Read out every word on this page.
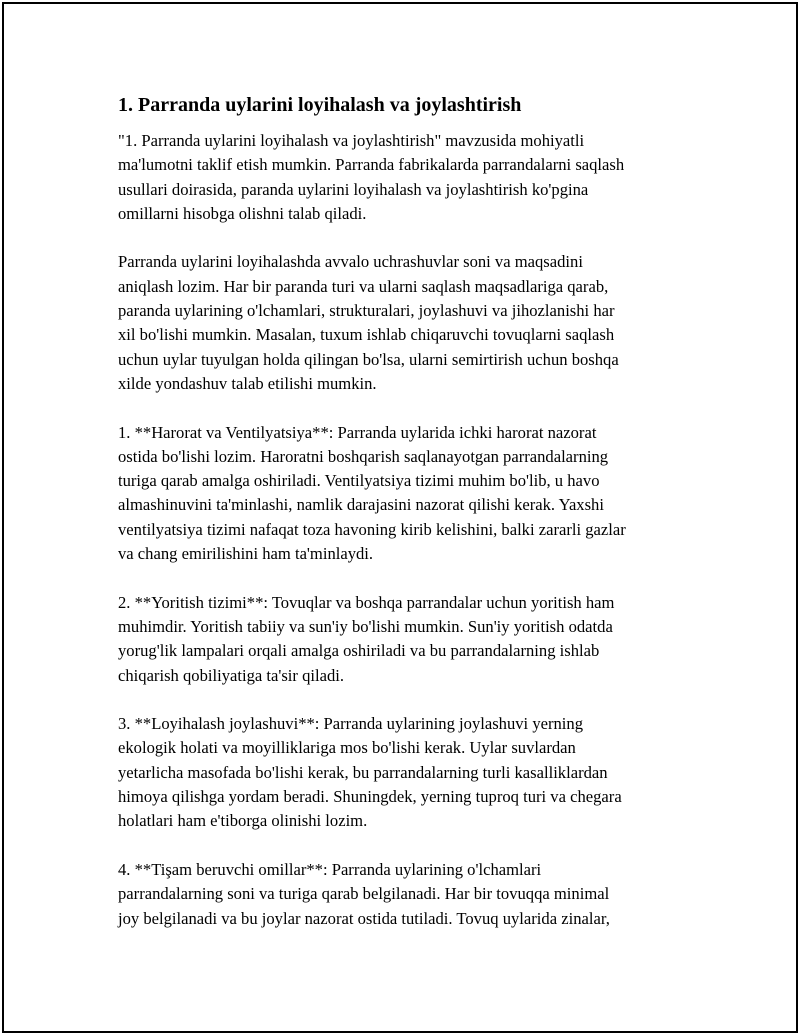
1. Parranda uylarini loyihalash va joylashtirish
"1. Parranda uylarini loyihalash va joylashtirish" mavzusida mohiyatli
ma'lumotni taklif etish mumkin. Parranda fabrikalarda parrandalarni saqlash
usullari doirasida, paranda uylarini loyihalash va joylashtirish ko'pgina
omillarni hisobga olishni talab qiladi.
Parranda uylarini loyihalashda avvalo uchrashuvlar soni va maqsadini
aniqlash lozim. Har bir paranda turi va ularni saqlash maqsadlariga qarab,
paranda uylarining o'lchamlari, strukturalari, joylashuvi va jihozlanishi har
xil bo'lishi mumkin. Masalan, tuxum ishlab chiqaruvchi tovuqlarni saqlash
uchun uylar tuyulgan holda qilingan bo'lsa, ularni semirtirish uchun boshqa
xilde yondashuv talab etilishi mumkin.
1. **Harorat va Ventilyatsiya**: Parranda uylarida ichki harorat nazorat
ostida bo'lishi lozim. Haroratni boshqarish saqlanayotgan parrandalarning
turiga qarab amalga oshiriladi. Ventilyatsiya tizimi muhim bo'lib, u havo
almashinuvini ta'minlashi, namlik darajasini nazorat qilishi kerak. Yaxshi
ventilyatsiya tizimi nafaqat toza havoning kirib kelishini, balki zararli gazlar
va chang emirilishini ham ta'minlaydi.
2. **Yoritish tizimi**: Tovuqlar va boshqa parrandalar uchun yoritish ham
muhimdir. Yoritish tabiiy va sun'iy bo'lishi mumkin. Sun'iy yoritish odatda
yorug'lik lampalari orqali amalga oshiriladi va bu parrandalarning ishlab
chiqarish qobiliyatiga ta'sir qiladi.
3. **Loyihalash joylashuvi**: Parranda uylarining joylashuvi yerning
ekologik holati va moyilliklariga mos bo'lishi kerak. Uylar suvlardan
yetarlicha masofada bo'lishi kerak, bu parrandalarning turli kasalliklardan
himoya qilishga yordam beradi. Shuningdek, yerning tuproq turi va chegara
holatlari ham e'tiborga olinishi lozim.
4. **Tişam beruvchi omillar**: Parranda uylarining o'lchamlari
parrandalarning soni va turiga qarab belgilanadi. Har bir tovuqqa minimal
joy belgilanadi va bu joylar nazorat ostida tutiladi. Tovuq uylarida zinalar,
